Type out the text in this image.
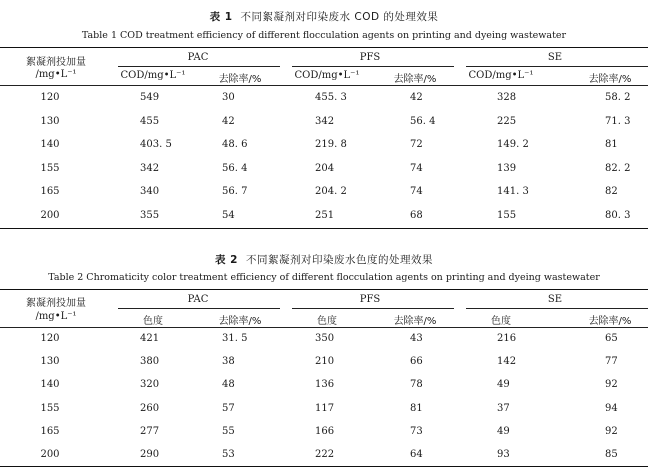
表 1 不同絮凝剂对印染废水 COD 的处理效果
Table 1 COD treatment efficiency of different flocculation agents on printing and dyeing wastewater
絮凝剂投加量
/mg•L⁻¹
PAC	PFS	SE
COD/mg•L⁻¹	去除率/%	COD/mg•L⁻¹	去除率/%	COD/mg•L⁻¹	去除率/%
120	549	30	455. 3	42	328	58. 2
130	455	42	342	56. 4	225	71. 3
140	403. 5	48. 6	219. 8	72	149. 2	81
155	342	56. 4	204	74	139	82. 2
165	340	56. 7	204. 2	74	141. 3	82
200	355	54	251	68	155	80. 3
表 2 不同絮凝剂对印染废水色度的处理效果
Table 2 Chromaticity color treatment efficiency of different flocculation agents on printing and dyeing wastewater
絮凝剂投加量
/mg•L⁻¹
PAC	PFS	SE
色度	去除率/%	色度	去除率/%	色度	去除率/%
120	421	31. 5	350	43	216	65
130	380	38	210	66	142	77
140	320	48	136	78	49	92
155	260	57	117	81	37	94
165	277	55	166	73	49	92
200	290	53	222	64	93	85
